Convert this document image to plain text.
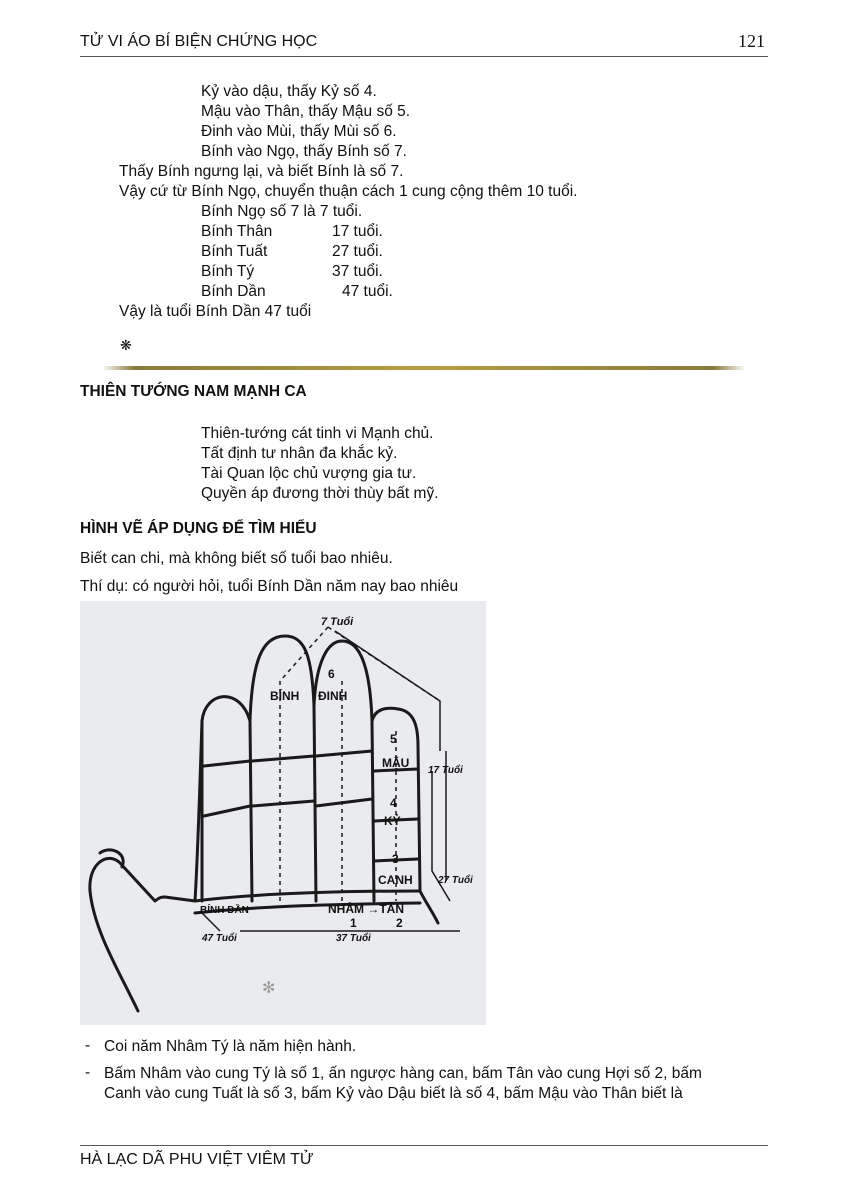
TỬ VI ÁO BÍ BIỆN CHỨNG HỌC	121
Kỷ vào dậu, thấy Kỷ số 4.
Mậu vào Thân, thấy Mậu số 5.
Đinh vào Mùi, thấy Mùi số 6.
Bính vào Ngọ, thấy Bính số 7.
Thấy Bính ngưng lại, và biết Bính là số 7.
Vậy cứ từ Bính Ngọ, chuyển thuận cách 1 cung cộng thêm 10 tuổi.
Bính Ngọ số 7 là 7 tuổi.
Bính Thân	17 tuổi.
Bính Tuất	27 tuổi.
Bính Tý	37 tuổi.
Bính Dần	47 tuổi.
Vậy là tuổi Bính Dần 47 tuổi
❋
THIÊN TƯỚNG NAM MẠNH CA
Thiên-tướng cát tinh vi Mạnh chủ.
Tất định tư nhân đa khắc kỷ.
Tài Quan lộc chủ vượng gia tư.
Quyền áp đương thời thùy bất mỹ.
HÌNH VẼ ÁP DỤNG ĐỂ TÌM HIỂU
Biết can chi, mà không biết số tuổi bao nhiêu.
Thí dụ: có người hỏi, tuổi Bính Dần năm nay bao nhiêu
7 Tuổi
6
BÍNH ĐINH
5
MẬU
17 Tuổi
4
KỶ
3
CANH	27 Tuổi
NHÂM →TÂN
BÍNH DẦN
1	2
47 Tuổi	37 Tuổi
✻
- Coi năm Nhâm Tý là năm hiện hành.
- Bấm Nhâm vào cung Tý là số 1, ấn ngược hàng can, bấm Tân vào cung Hợi số 2, bấm
Canh vào cung Tuất là số 3, bấm Kỷ vào Dậu biết là số 4, bấm Mậu vào Thân biết là
HÀ LẠC DÃ PHU VIỆT VIÊM TỬ
